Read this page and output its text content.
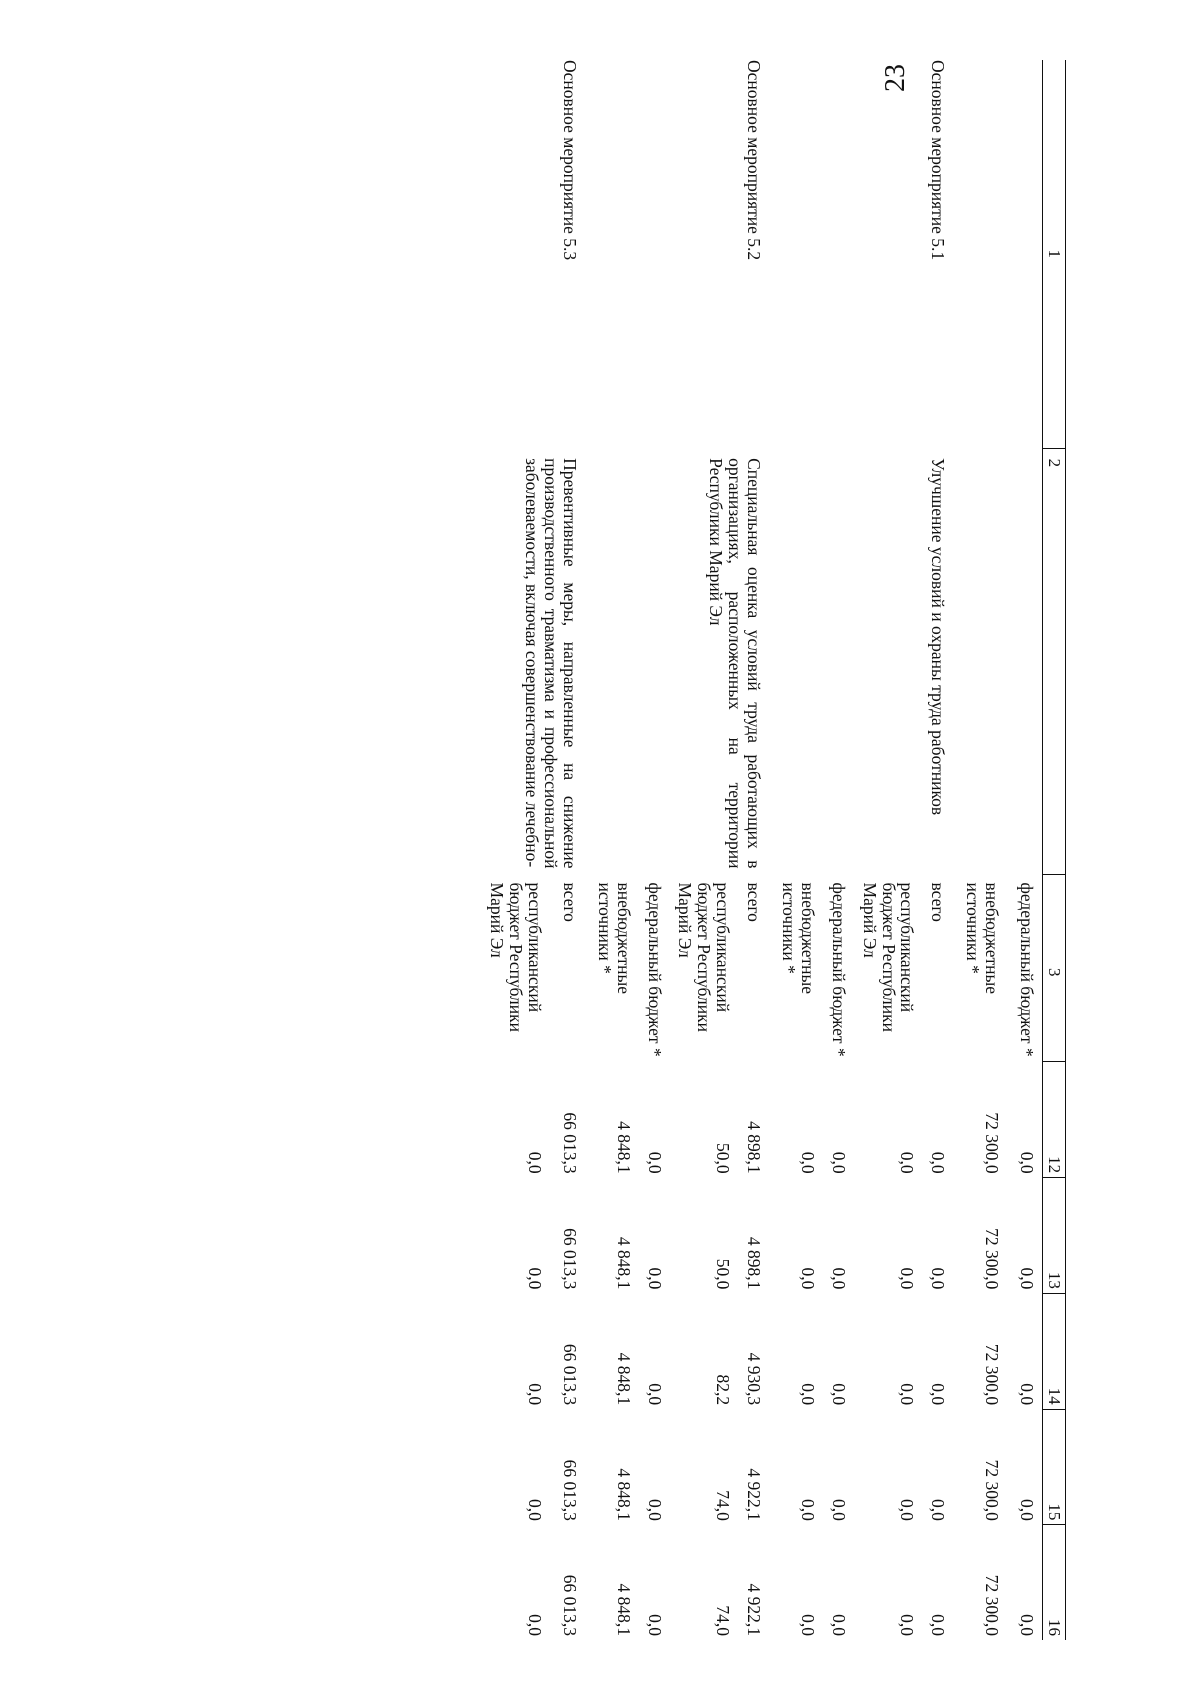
23
1	2	3	12	13	14	15	16
		федеральный бюджет *	0,0	0,0	0,0	0,0	0,0

		внебюджетные источники *	72 300,0	72 300,0	72 300,0	72 300,0	72 300,0

Основное мероприятие 5.1	Улучшение условий и охраны труда работников	всего	0,0	0,0	0,0	0,0	0,0

		республиканский бюджет Республики Марий Эл	0,0	0,0	0,0	0,0	0,0

		федеральный бюджет *	0,0	0,0	0,0	0,0	0,0

		внебюджетные источники *	0,0	0,0	0,0	0,0	0,0

Основное мероприятие 5.2	Специальная оценка условий труда работающих в организациях, расположенных на территории Республики Марий Эл	всего	4 898,1	4 898,1	4 930,3	4 922,1	4 922,1

		республиканский бюджет Республики Марий Эл	50,0	50,0	82,2	74,0	74,0

		федеральный бюджет *	0,0	0,0	0,0	0,0	0,0

		внебюджетные источники *	4 848,1	4 848,1	4 848,1	4 848,1	4 848,1

Основное мероприятие 5.3	Превентивные меры, направленные на снижение производственного травматизма и профессиональной заболеваемости, включая совершенствование лечебно-	всего	66 013,3	66 013,3	66 013,3	66 013,3	66 013,3

		республиканский бюджет Республики Марий Эл	0,0	0,0	0,0	0,0	0,0
